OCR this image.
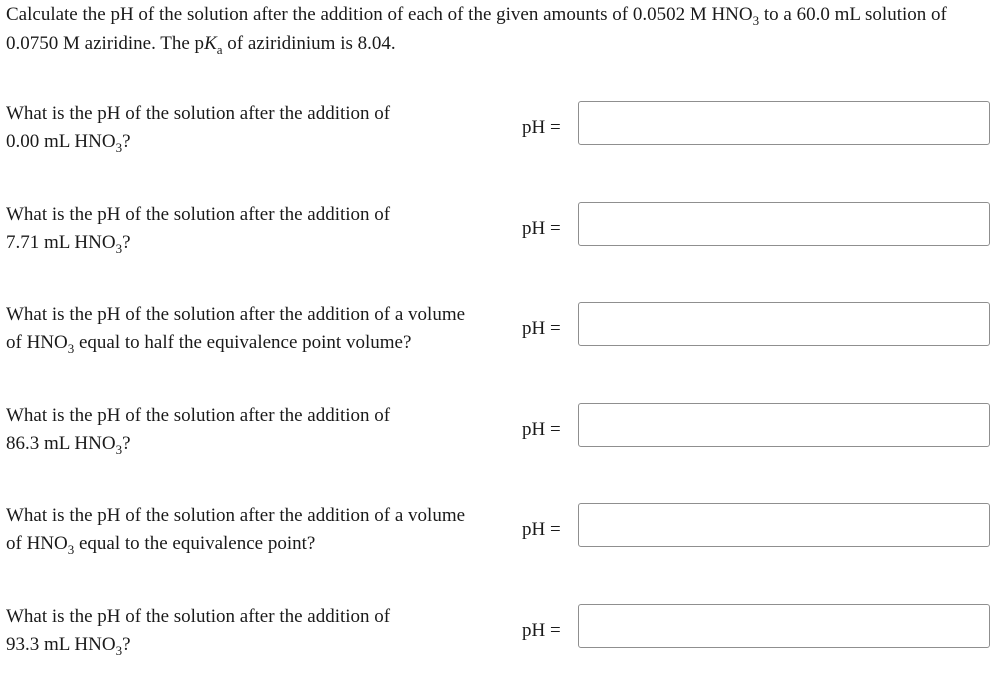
Calculate the pH of the solution after the addition of each of the given amounts of 0.0502 M $HNO_3$ to a 60.0 mL solution of
0.0750 M aziridine. The $pK_a$ of aziridinium is 8.04.
What is the pH of the solution after the addition of
0.00 mL $HNO_3$?
pH =
What is the pH of the solution after the addition of
7.71 mL $HNO_3$?
pH =
What is the pH of the solution after the addition of a volume
of $HNO_3$ equal to half the equivalence point volume?
pH =
What is the pH of the solution after the addition of
86.3 mL $HNO_3$?
pH =
What is the pH of the solution after the addition of a volume
of $HNO_3$ equal to the equivalence point?
pH =
What is the pH of the solution after the addition of
93.3 mL $HNO_3$?
pH =
